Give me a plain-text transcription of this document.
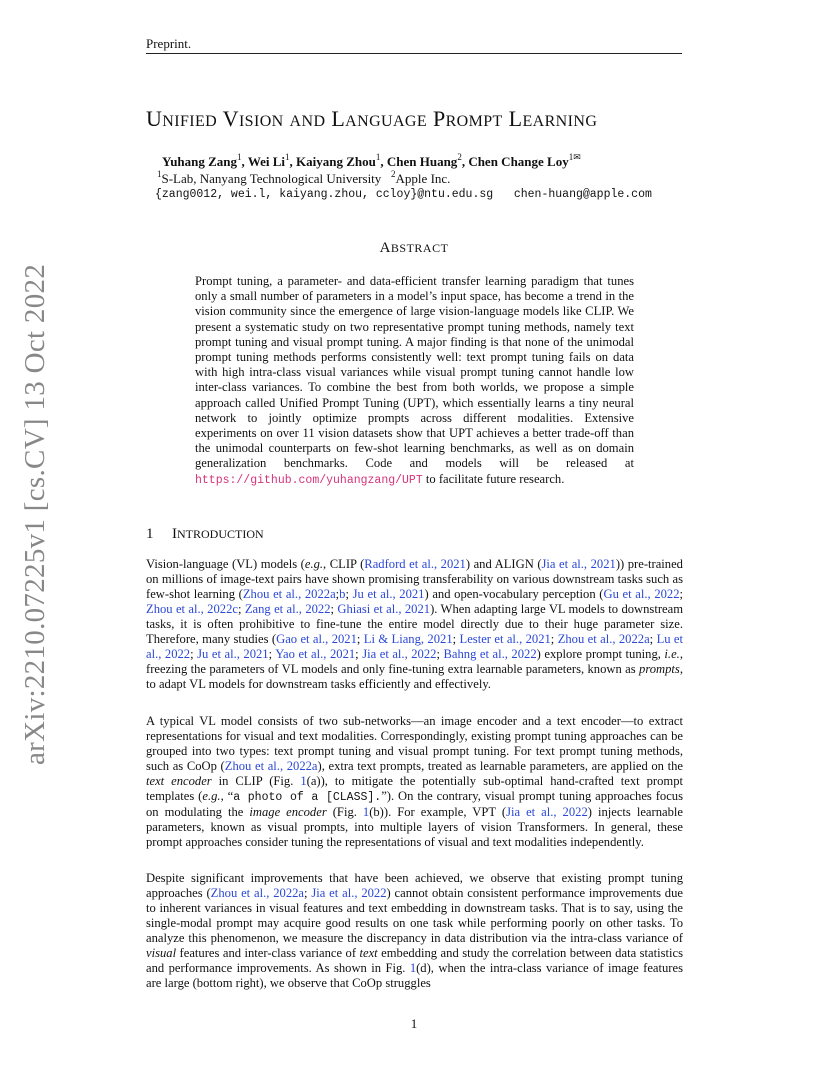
Preprint.
arXiv:2210.07225v1 [cs.CV] 13 Oct 2022
UNIFIED VISION AND LANGUAGE PROMPT LEARNING
Yuhang Zang$^1$, Wei Li$^1$, Kaiyang Zhou$^1$, Chen Huang$^2$, Chen Change Loy$^{1✉}$
$^1$S-Lab, Nanyang Technological University $^2$Apple Inc.
{zang0012, wei.l, kaiyang.zhou, ccloy}@ntu.edu.sg   chen-huang@apple.com
ABSTRACT
Prompt tuning, a parameter- and data-efficient transfer learning paradigm that tunes only a small number of parameters in a model’s input space, has become a trend in the vision community since the emergence of large vision-language models like CLIP. We present a systematic study on two representative prompt tuning methods, namely text prompt tuning and visual prompt tuning. A major finding is that none of the unimodal prompt tuning methods performs consistently well: text prompt tuning fails on data with high intra-class visual variances while visual prompt tuning cannot handle low inter-class variances. To combine the best from both worlds, we propose a simple approach called Unified Prompt Tuning (UPT), which essentially learns a tiny neural network to jointly optimize prompts across different modalities. Extensive experiments on over 11 vision datasets show that UPT achieves a better trade-off than the unimodal counterparts on few-shot learning benchmarks, as well as on domain generalization benchmarks. Code and models will be released at https://github.com/yuhangzang/UPT to facilitate future research.
1 INTRODUCTION
Vision-language (VL) models (e.g., CLIP (Radford et al., 2021) and ALIGN (Jia et al., 2021)) pre-trained on millions of image-text pairs have shown promising transferability on various downstream tasks such as few-shot learning (Zhou et al., 2022a;b; Ju et al., 2021) and open-vocabulary perception (Gu et al., 2022; Zhou et al., 2022c; Zang et al., 2022; Ghiasi et al., 2021). When adapting large VL models to downstream tasks, it is often prohibitive to fine-tune the entire model directly due to their huge parameter size. Therefore, many studies (Gao et al., 2021; Li & Liang, 2021; Lester et al., 2021; Zhou et al., 2022a; Lu et al., 2022; Ju et al., 2021; Yao et al., 2021; Jia et al., 2022; Bahng et al., 2022) explore prompt tuning, i.e., freezing the parameters of VL models and only fine-tuning extra learnable parameters, known as prompts, to adapt VL models for downstream tasks efficiently and effectively.
A typical VL model consists of two sub-networks—an image encoder and a text encoder—to extract representations for visual and text modalities. Correspondingly, existing prompt tuning approaches can be grouped into two types: text prompt tuning and visual prompt tuning. For text prompt tuning methods, such as CoOp (Zhou et al., 2022a), extra text prompts, treated as learnable parameters, are applied on the text encoder in CLIP (Fig. 1(a)), to mitigate the potentially sub-optimal hand-crafted text prompt templates (e.g., “a photo of a [CLASS].”). On the contrary, visual prompt tuning approaches focus on modulating the image encoder (Fig. 1(b)). For example, VPT (Jia et al., 2022) injects learnable parameters, known as visual prompts, into multiple layers of vision Transformers. In general, these prompt approaches consider tuning the representations of visual and text modalities independently.
Despite significant improvements that have been achieved, we observe that existing prompt tuning approaches (Zhou et al., 2022a; Jia et al., 2022) cannot obtain consistent performance improvements due to inherent variances in visual features and text embedding in downstream tasks. That is to say, using the single-modal prompt may acquire good results on one task while performing poorly on other tasks. To analyze this phenomenon, we measure the discrepancy in data distribution via the intra-class variance of visual features and inter-class variance of text embedding and study the correlation between data statistics and performance improvements. As shown in Fig. 1(d), when the intra-class variance of image features are large (bottom right), we observe that CoOp struggles
1
